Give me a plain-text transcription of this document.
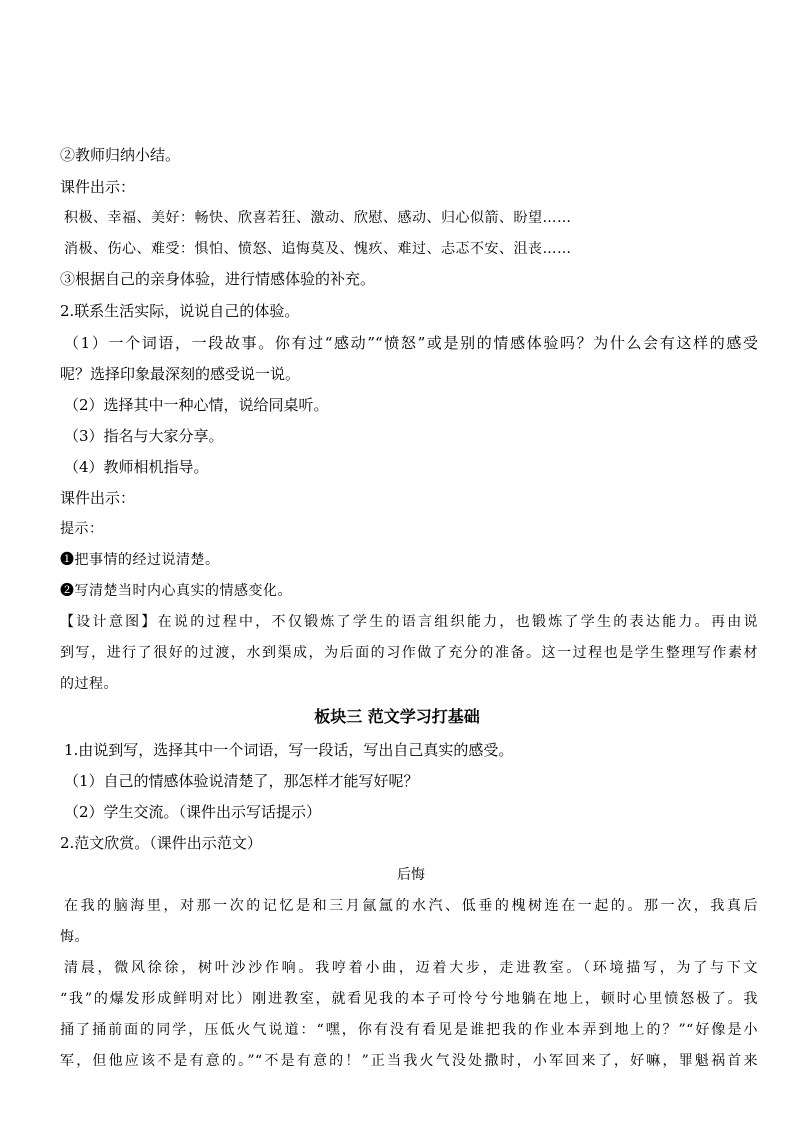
②教师归纳小结。
课件出示：
积极、幸福、美好：畅快、欣喜若狂、激动、欣慰、感动、归心似箭、盼望……
消极、伤心、难受：惧怕、愤怒、追悔莫及、愧疚、难过、忐忑不安、沮丧……
③根据自己的亲身体验，进行情感体验的补充。
2.联系生活实际，说说自己的体验。
（1）一个词语，一段故事。你有过“感动”“愤怒”或是别的情感体验吗？为什么会有这样的感受
呢？选择印象最深刻的感受说一说。
（2）选择其中一种心情，说给同桌听。
（3）指名与大家分享。
（4）教师相机指导。
课件出示：
提示：
❶把事情的经过说清楚。
❷写清楚当时内心真实的情感变化。
【设计意图】在说的过程中，不仅锻炼了学生的语言组织能力，也锻炼了学生的表达能力。再由说
到写，进行了很好的过渡，水到渠成，为后面的习作做了充分的准备。这一过程也是学生整理写作素材
的过程。
板块三 范文学习打基础
1.由说到写，选择其中一个词语，写一段话，写出自己真实的感受。
（1）自己的情感体验说清楚了，那怎样才能写好呢？
（2）学生交流。（课件出示写话提示）
2.范文欣赏。（课件出示范文）
后悔
在我的脑海里，对那一次的记忆是和三月氤氲的水汽、低垂的槐树连在一起的。那一次，我真后
悔。
清晨，微风徐徐，树叶沙沙作响。我哼着小曲，迈着大步，走进教室。（环境描写，为了与下文
“我”的爆发形成鲜明对比）刚进教室，就看见我的本子可怜兮兮地躺在地上，顿时心里愤怒极了。我
捅了捅前面的同学，压低火气说道：“嘿，你有没有看见是谁把我的作业本弄到地上的？”“好像是小
军，但他应该不是有意的。”“不是有意的！”正当我火气没处撒时，小军回来了，好嘛，罪魁祸首来
